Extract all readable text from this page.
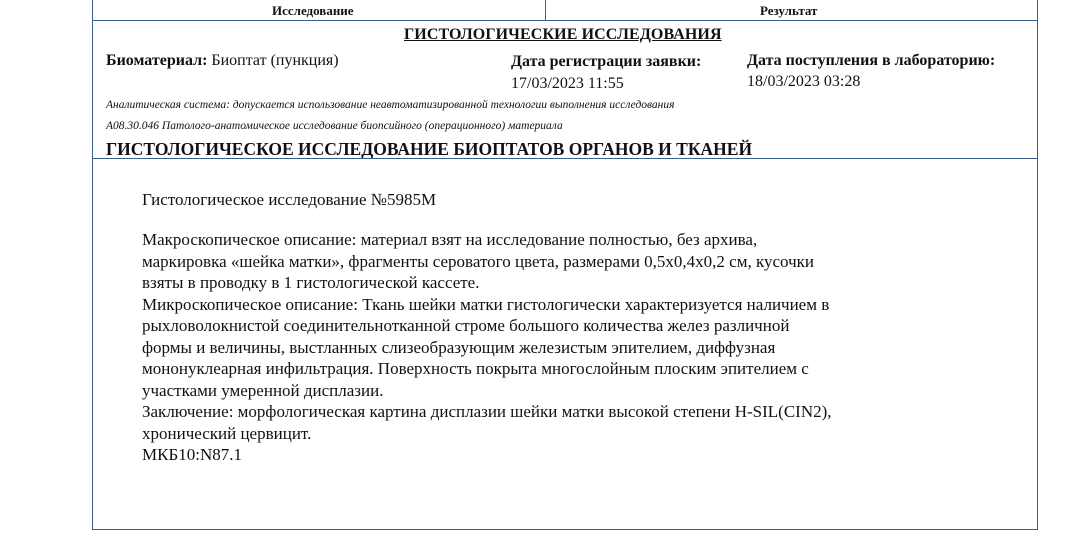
Исследование	Результат
ГИСТОЛОГИЧЕСКИЕ ИССЛЕДОВАНИЯ
Биоматериал: Биоптат (пункция)	Дата регистрации заявки:
17/03/2023 11:55
Дата поступления в лабораторию:
18/03/2023 03:28
Аналитическая система: допускается использование неавтоматизированной технологии выполнения исследования
A08.30.046 Патолого-анатомическое исследование биопсийного (операционного) материала
ГИСТОЛОГИЧЕСКОЕ ИССЛЕДОВАНИЕ БИОПТАТОВ ОРГАНОВ И ТКАНЕЙ
Гистологическое исследование №5985М
Макроскопическое описание: материал взят на исследование полностью, без архива,
маркировка «шейка матки», фрагменты сероватого цвета, размерами 0,5х0,4х0,2 см, кусочки
взяты в проводку в 1 гистологической кассете.
Микроскопическое описание: Ткань шейки матки гистологически характеризуется наличием в
рыхловолокнистой соединительнотканной строме большого количества желез различной
формы и величины, выстланных слизеобразующим железистым эпителием, диффузная
мононуклеарная инфильтрация. Поверхность покрыта многослойным плоским эпителием с
участками умеренной дисплазии.
Заключение: морфологическая картина дисплазии шейки матки высокой степени H-SIL(CIN2),
хронический цервицит.
МКБ10:N87.1
